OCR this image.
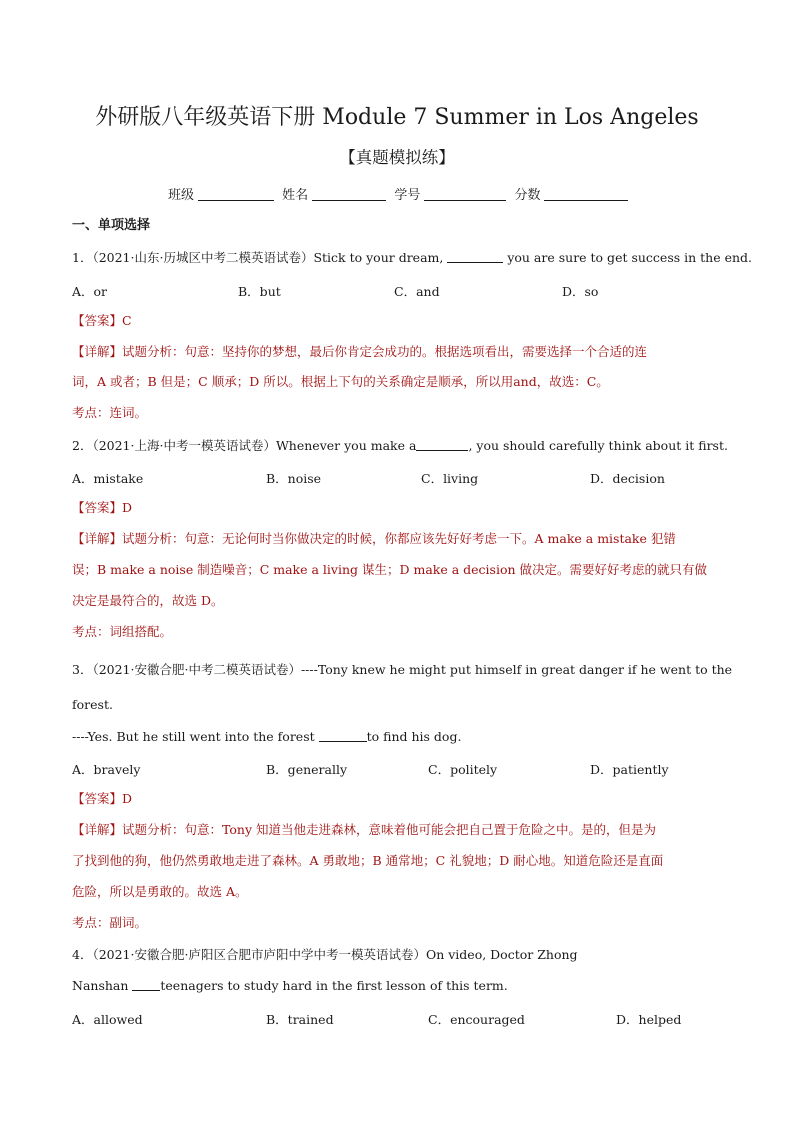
外研版八年级英语下册 Module 7 Summer in Los Angeles
【真题模拟练】
班级	姓名	学号	分数
一、单项选择
1．（2021·山东·历城区中考二模英语试卷）Stick to your dream,	you are sure to get success in the end.
A．or	B．but	C．and	D．so
【答案】C
【详解】试题分析：句意：坚持你的梦想，最后你肯定会成功的。根据选项看出，需要选择一个合适的连
词，A 或者；B 但是；C 顺承；D 所以。根据上下句的关系确定是顺承，所以用and，故选：C。
考点：连词。
2．（2021·上海·中考一模英语试卷）Whenever you make a	, you should carefully think about it first.
A．mistake	B．noise	C．living	D．decision
【答案】D
【详解】试题分析：句意：无论何时当你做决定的时候，你都应该先好好考虑一下。A make a mistake 犯错
误；B make a noise 制造噪音；C make a living 谋生；D make a decision 做决定。需要好好考虑的就只有做
决定是最符合的，故选 D。
考点：词组搭配。
3．（2021·安徽合肥·中考二模英语试卷）----Tony knew he might put himself in great danger if he went to the
forest.
----Yes. But he still went into the forest	to find his dog.
A．bravely	B．generally	C．politely	D．patiently
【答案】D
【详解】试题分析：句意：Tony 知道当他走进森林，意味着他可能会把自己置于危险之中。是的，但是为
了找到他的狗，他仍然勇敢地走进了森林。A 勇敢地；B 通常地；C 礼貌地；D 耐心地。知道危险还是直面
危险，所以是勇敢的。故选 A。
考点：副词。
4．（2021·安徽合肥·庐阳区合肥市庐阳中学中考一模英语试卷）On video, Doctor Zhong
Nanshan teenagers to study hard in the first lesson of this term.
A．allowed	B．trained	C．encouraged	D．helped
